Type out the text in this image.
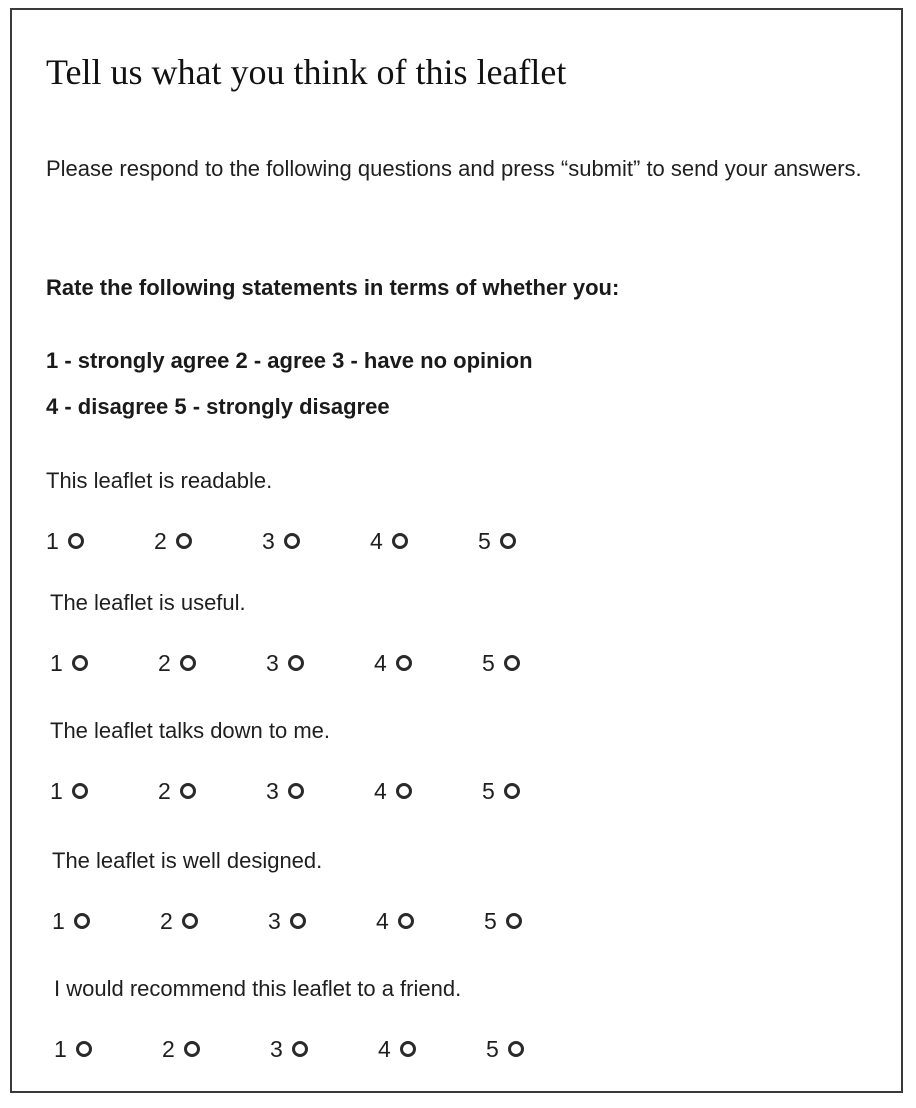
Tell us what you think of this leaflet

Please respond to the following questions and press “submit” to send your answers.

Rate the following statements in terms of whether you:

1 - strongly agree 2 - agree 3 - have no opinion
4 - disagree 5 - strongly disagree

This leaflet is readable.

1	2	3	4	5

The leaflet is useful.

1	2	3	4	5

The leaflet talks down to me.

1	2	3	4	5

The leaflet is well designed.

1	2	3	4	5

I would recommend this leaflet to a friend.

1	2	3	4	5
